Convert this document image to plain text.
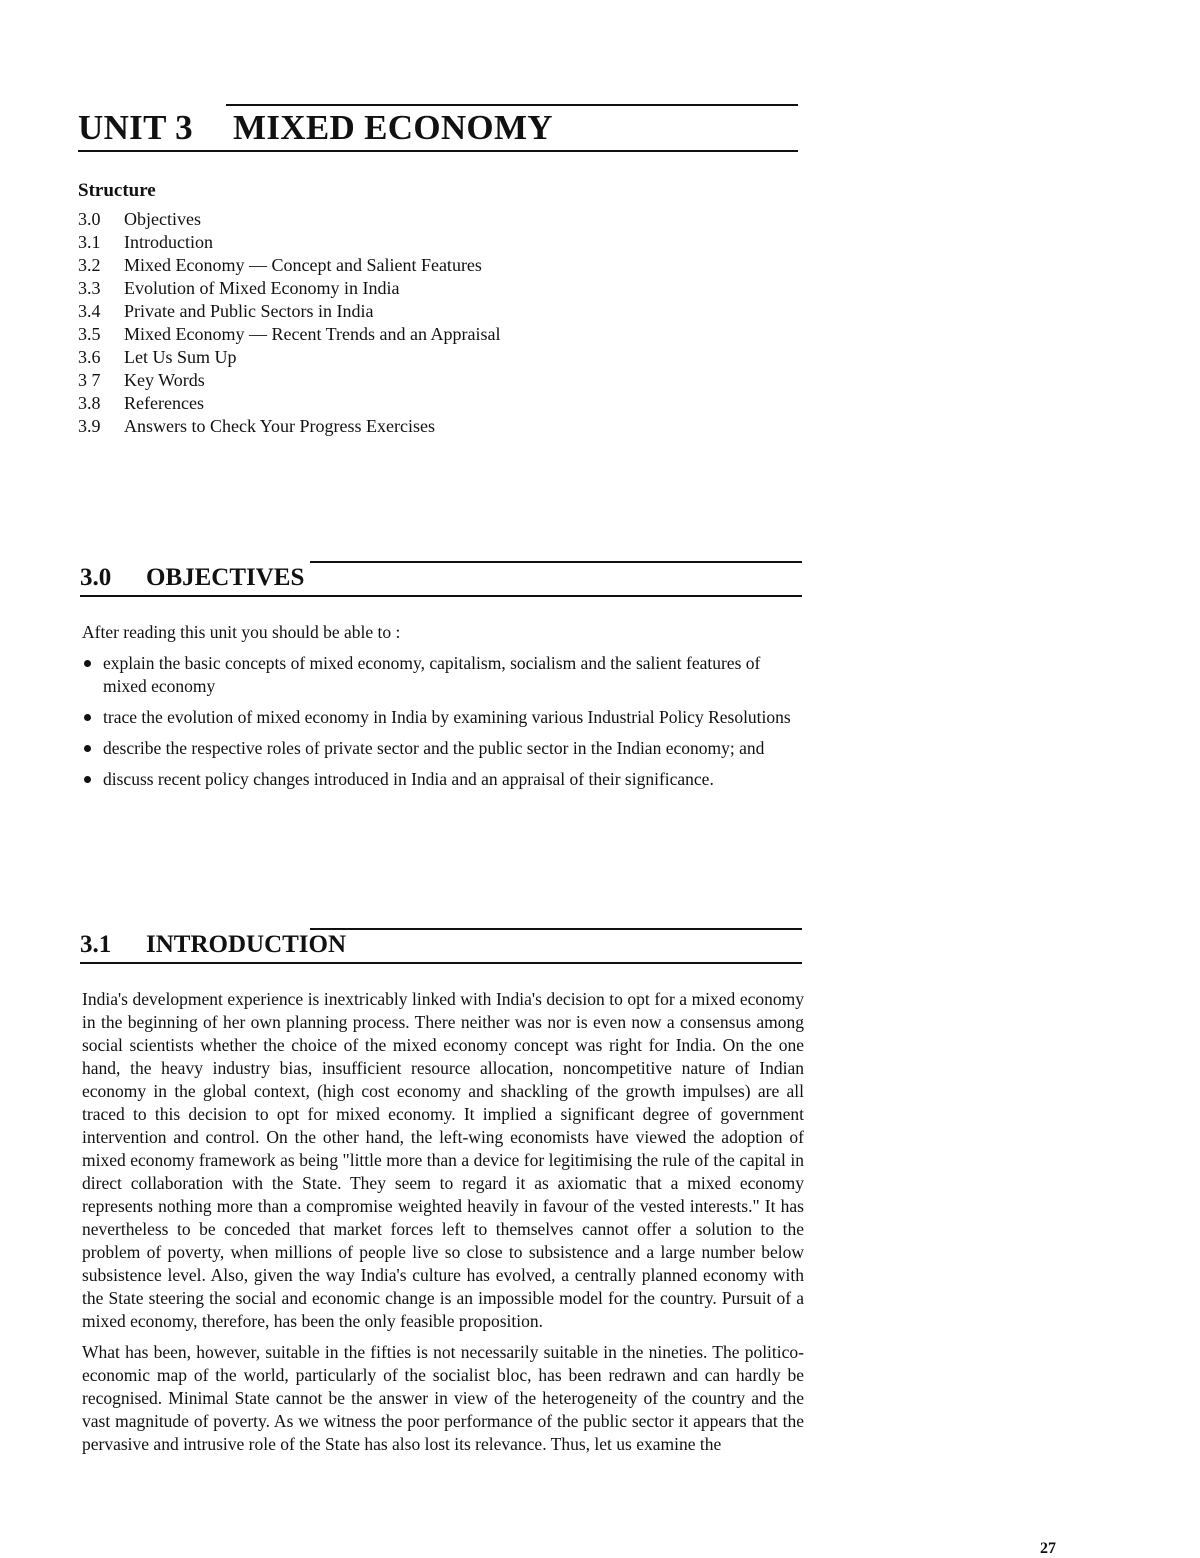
UNIT 3 MIXED ECONOMY
Structure
3.0 Objectives
3.1 Introduction
3.2 Mixed Economy — Concept and Salient Features
3.3 Evolution of Mixed Economy in India
3.4 Private and Public Sectors in India
3.5 Mixed Economy — Recent Trends and an Appraisal
3.6 Let Us Sum Up
3 7 Key Words
3.8 References
3.9 Answers to Check Your Progress Exercises
3.0 OBJECTIVES

After reading this unit you should be able to :

explain the basic concepts of mixed economy, capitalism, socialism and the salient features of mixed economy
trace the evolution of mixed economy in India by examining various Industrial Policy Resolutions
describe the respective roles of private sector and the public sector in the Indian economy; and
discuss recent policy changes introduced in India and an appraisal of their significance.
3.1 INTRODUCTION

India's development experience is inextricably linked with India's decision to opt for a mixed economy in the beginning of her own planning process. There neither was nor is even now a consensus among social scientists whether the choice of the mixed economy concept was right for India. On the one hand, the heavy industry bias, insufficient resource allocation, noncompetitive nature of Indian economy in the global context, (high cost economy and shackling of the growth impulses) are all traced to this decision to opt for mixed economy. It implied a significant degree of government intervention and control. On the other hand, the left-wing economists have viewed the adoption of mixed economy framework as being "little more than a device for legitimising the rule of the capital in direct collaboration with the State. They seem to regard it as axiomatic that a mixed economy represents nothing more than a compromise weighted heavily in favour of the vested interests." It has nevertheless to be conceded that market forces left to themselves cannot offer a solution to the problem of poverty, when millions of people live so close to subsistence and a large number below subsistence level. Also, given the way India's culture has evolved, a centrally planned economy with the State steering the social and economic change is an impossible model for the country. Pursuit of a mixed economy, therefore, has been the only feasible proposition.

What has been, however, suitable in the fifties is not necessarily suitable in the nineties. The politico-economic map of the world, particularly of the socialist bloc, has been redrawn and can hardly be recognised. Minimal State cannot be the answer in view of the heterogeneity of the country and the vast magnitude of poverty. As we witness the poor performance of the public sector it appears that the pervasive and intrusive role of the State has also lost its relevance. Thus, let us examine the

27
